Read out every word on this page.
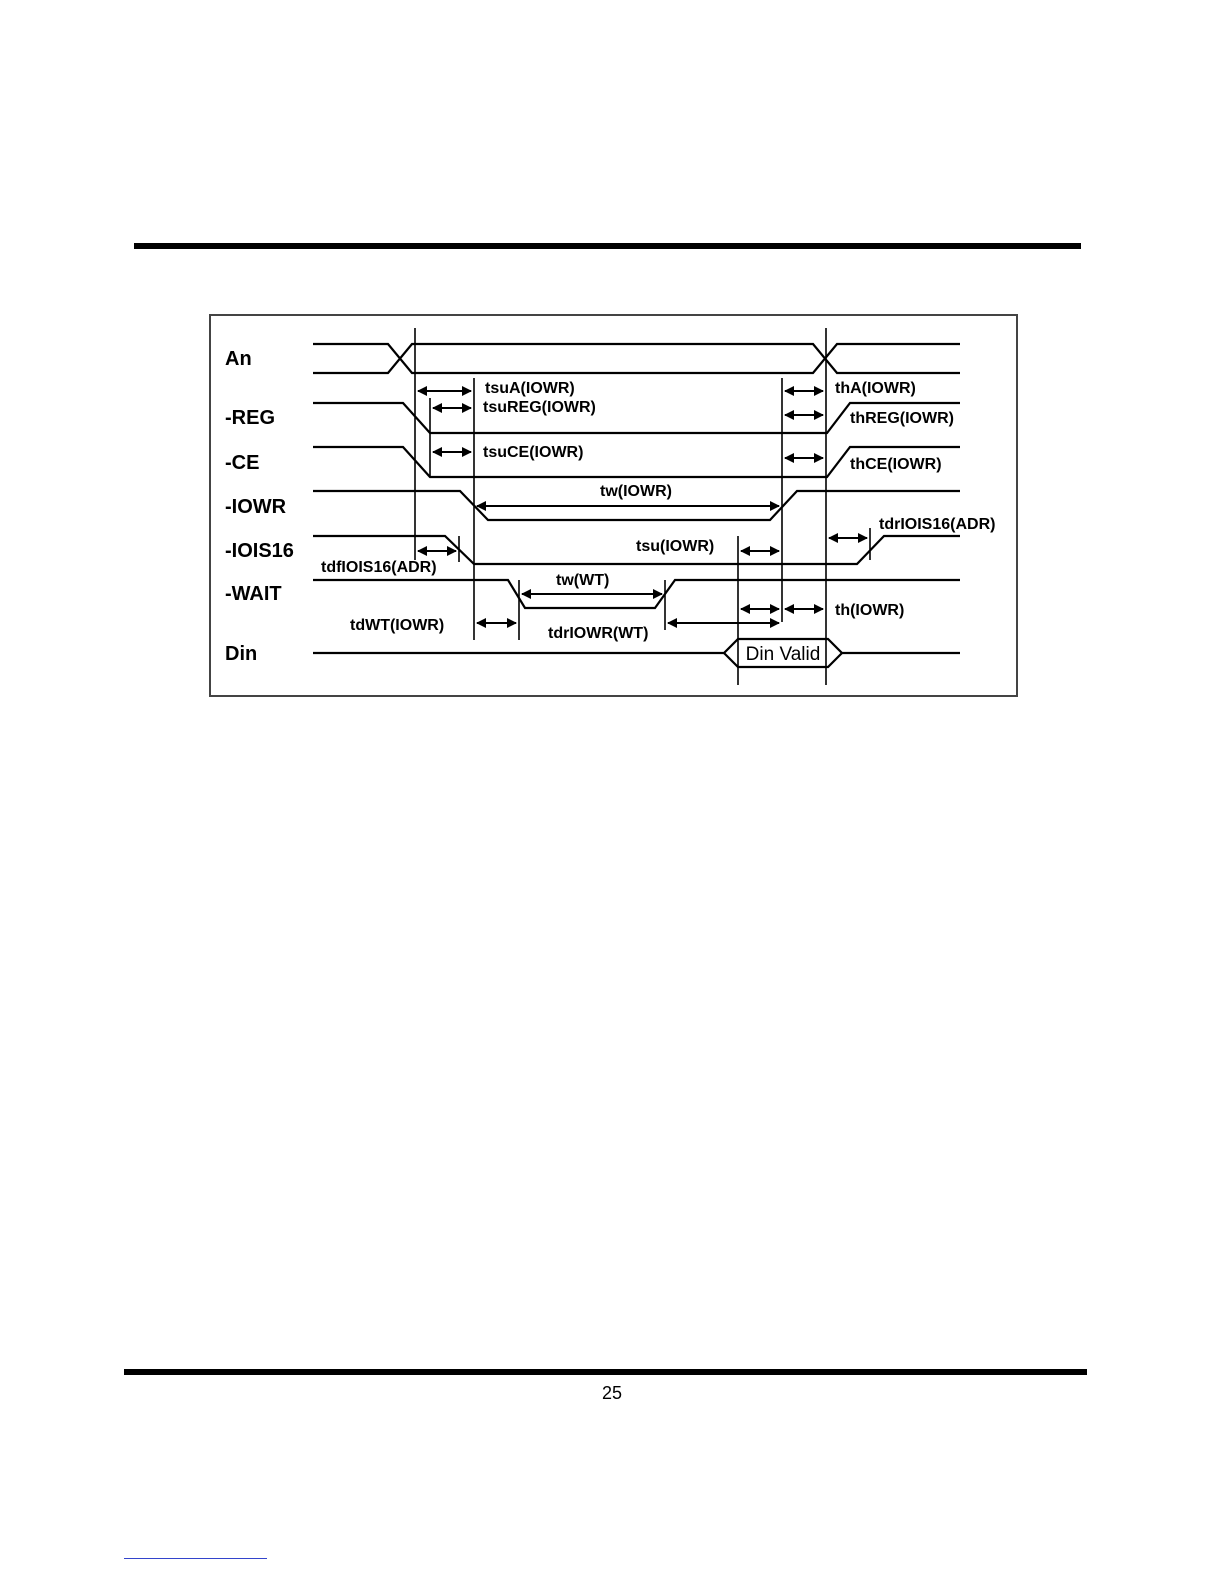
An
-REG
-CE
-IOWR
-IOIS16
-WAIT
Din	Din Valid
tsuA(IOWR)
tsuREG(IOWR)
tsuCE(IOWR)
tw(IOWR)
tsu(IOWR)
thA(IOWR)
thREG(IOWR)
thCE(IOWR)
tdrIOIS16(ADR)
tdfIOIS16(ADR)
tw(WT)
tdWT(IOWR)	tdrIOWR(WT)
th(IOWR)
25
